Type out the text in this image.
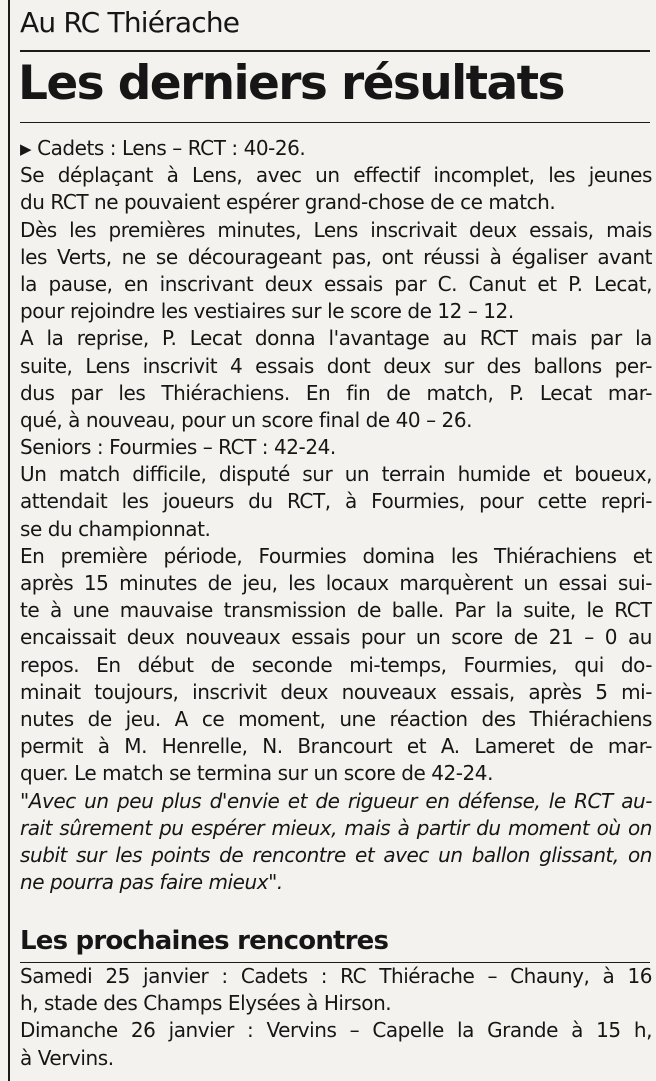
Au RC Thiérache
Les derniers résultats
▶ Cadets : Lens – RCT : 40-26.
Se déplaçant à Lens, avec un effectif incomplet, les jeunes
du RCT ne pouvaient espérer grand-chose de ce match.
Dès les premières minutes, Lens inscrivait deux essais, mais
les Verts, ne se décourageant pas, ont réussi à égaliser avant
la pause, en inscrivant deux essais par C. Canut et P. Lecat,
pour rejoindre les vestiaires sur le score de 12 – 12.
A la reprise, P. Lecat donna l'avantage au RCT mais par la
suite, Lens inscrivit 4 essais dont deux sur des ballons per-
dus par les Thiérachiens. En fin de match, P. Lecat mar-
qué, à nouveau, pour un score final de 40 – 26.
Seniors : Fourmies – RCT : 42-24.
Un match difficile, disputé sur un terrain humide et boueux,
attendait les joueurs du RCT, à Fourmies, pour cette repri-
se du championnat.
En première période, Fourmies domina les Thiérachiens et
après 15 minutes de jeu, les locaux marquèrent un essai sui-
te à une mauvaise transmission de balle. Par la suite, le RCT
encaissait deux nouveaux essais pour un score de 21 – 0 au
repos. En début de seconde mi-temps, Fourmies, qui do-
minait toujours, inscrivit deux nouveaux essais, après 5 mi-
nutes de jeu. A ce moment, une réaction des Thiérachiens
permit à M. Henrelle, N. Brancourt et A. Lameret de mar-
quer. Le match se termina sur un score de 42-24.
"Avec un peu plus d'envie et de rigueur en défense, le RCT au-
rait sûrement pu espérer mieux, mais à partir du moment où on
subit sur les points de rencontre et avec un ballon glissant, on
ne pourra pas faire mieux".
Les prochaines rencontres
Samedi 25 janvier : Cadets : RC Thiérache – Chauny, à 16
h, stade des Champs Elysées à Hirson.
Dimanche 26 janvier : Vervins – Capelle la Grande à 15 h,
à Vervins.
